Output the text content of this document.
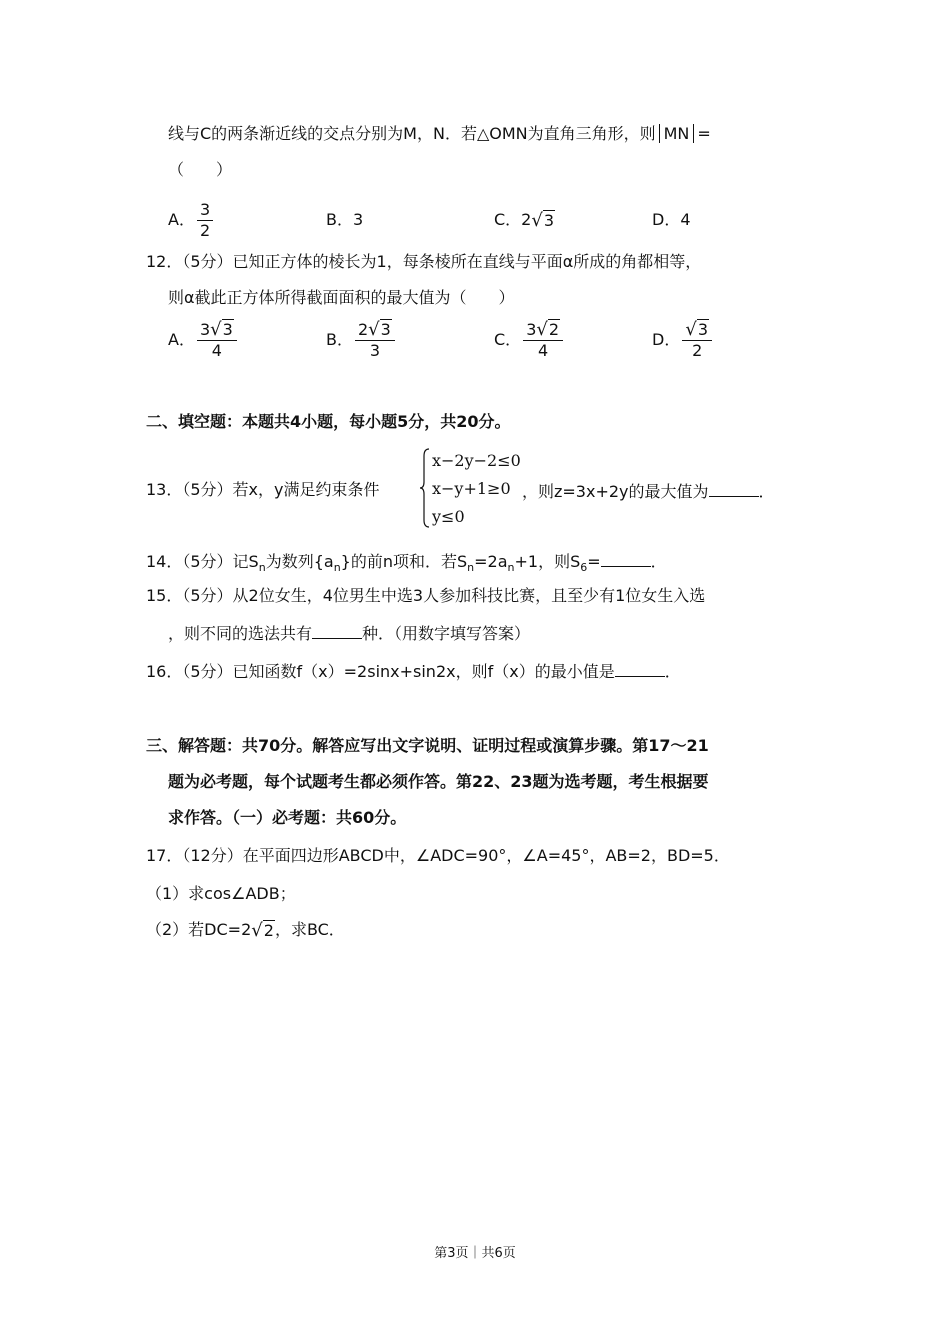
线与C的两条渐近线的交点分别为M，N．若△OMN为直角三角形，则 MN =
（　　）
A． $\frac{3}{2}$	B．3	C．2√3	D．4
12．（5分）已知正方体的棱长为1，每条棱所在直线与平面α所成的角都相等，
则α截此正方体所得截面面积的最大值为（　　）
A． $\frac{3√3}{4}$	B． $\frac{2√3}{3}$	C． $\frac{3√2}{4}$	D． $\frac{√3}{2}$
二、填空题：本题共4小题，每小题5分，共20分。
13．（5分）若x，y满足约束条件
x−2y−2≤0
x−y+1≥0
y≤0
，则z=3x+2y的最大值为	．
14．（5分）记$S_n$为数列$\{a_n\}$的前n项和．若$S_n=2a_n+1$，则$S_6=$	．
15．（5分）从2位女生，4位男生中选3人参加科技比赛，且至少有1位女生入选
，则不同的选法共有	种．（用数字填写答案）
16．（5分）已知函数f（x）=2sinx+sin2x，则f（x）的最小值是	．
三、解答题：共70分。解答应写出文字说明、证明过程或演算步骤。第17～21
题为必考题，每个试题考生都必须作答。第22、23题为选考题，考生根据要
求作答。（一）必考题：共60分。
17．（12分）在平面四边形ABCD中，∠ADC=90°，∠A=45°，AB=2，BD=5．
（1）求cos∠ADB；
（2）若DC=2√2，求BC．
第3页｜共6页
